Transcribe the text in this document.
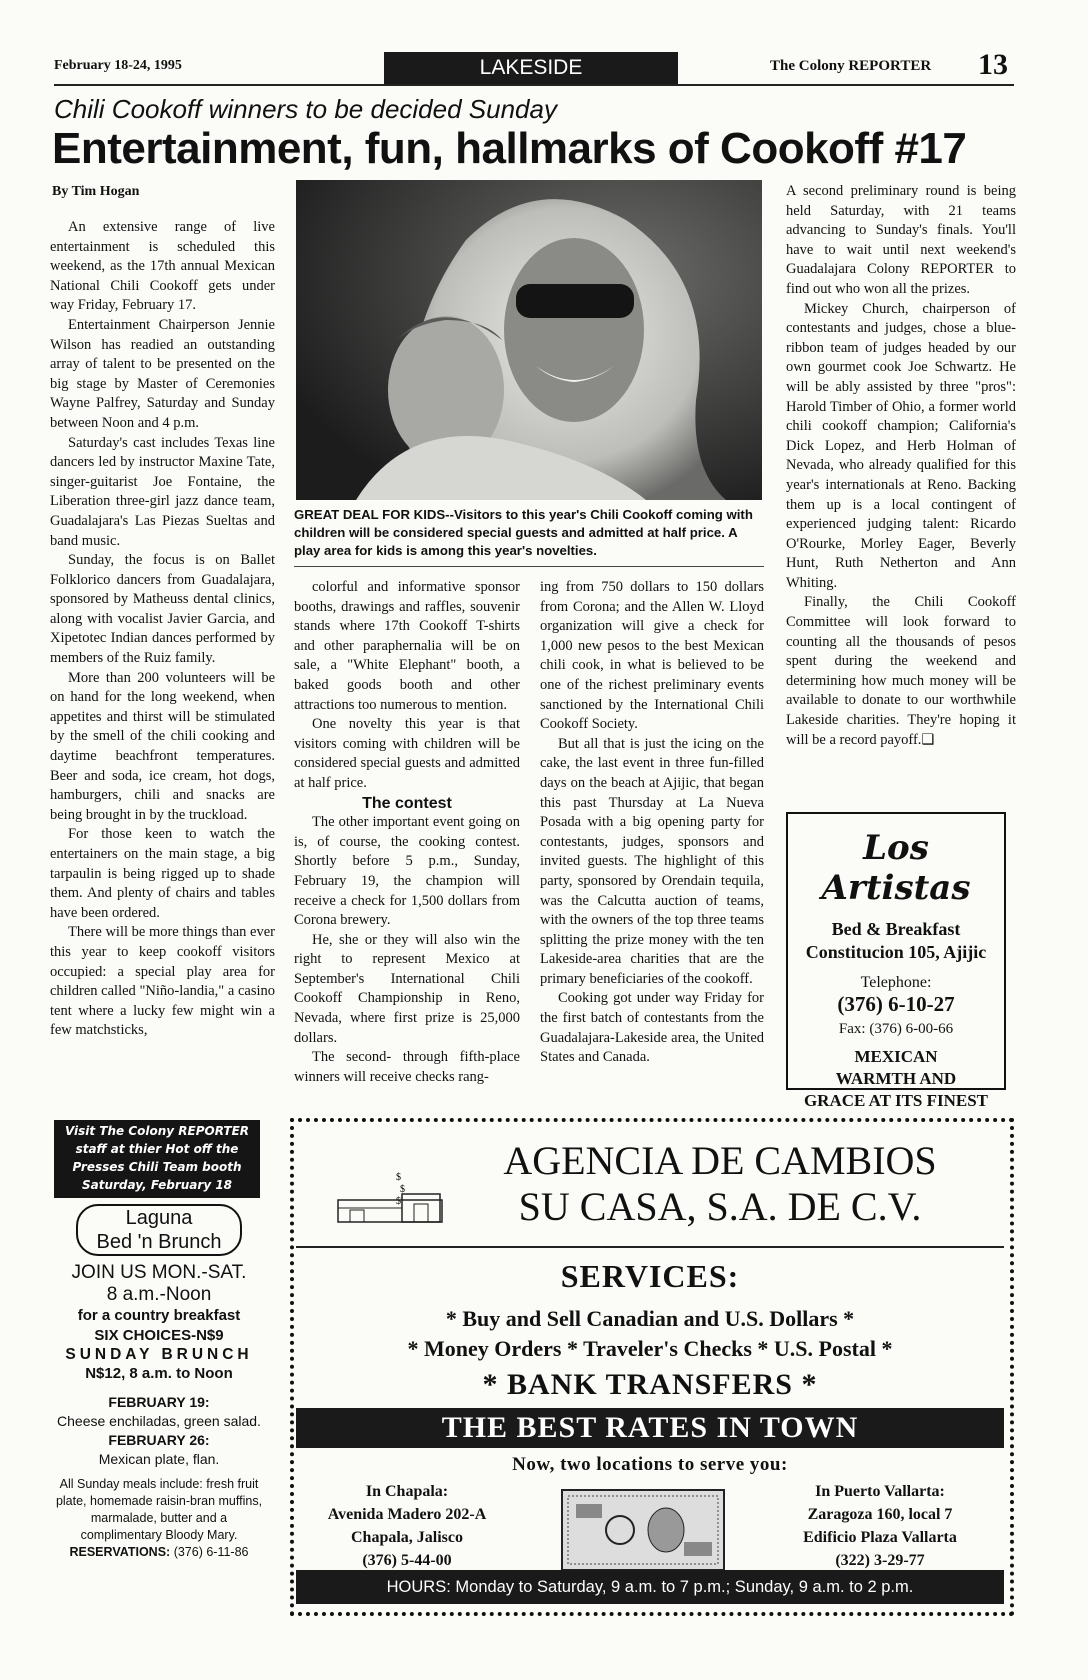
February 18-24, 1995	LAKESIDE	The Colony REPORTER 13
Chili Cookoff winners to be decided Sunday
Entertainment, fun, hallmarks of Cookoff #17
By Tim Hogan

An extensive range of live entertainment is scheduled this weekend, as the 17th annual Mexican National Chili Cookoff gets under way Friday, February 17.

Entertainment Chairperson Jennie Wilson has readied an outstanding array of talent to be presented on the big stage by Master of Ceremonies Wayne Palfrey, Saturday and Sunday between Noon and 4 p.m.

Saturday's cast includes Texas line dancers led by instructor Maxine Tate, singer-guitarist Joe Fontaine, the Liberation three-girl jazz dance team, Guadalajara's Las Piezas Sueltas and band music.

Sunday, the focus is on Ballet Folklorico dancers from Guadalajara, sponsored by Matheuss dental clinics, along with vocalist Javier Garcia, and Xipetotec Indian dances performed by members of the Ruiz family.

More than 200 volunteers will be on hand for the long weekend, when appetites and thirst will be stimulated by the smell of the chili cooking and daytime beachfront temperatures. Beer and soda, ice cream, hot dogs, hamburgers, chili and snacks are being brought in by the truckload.

For those keen to watch the entertainers on the main stage, a big tarpaulin is being rigged up to shade them. And plenty of chairs and tables have been ordered.

There will be more things than ever this year to keep cookoff visitors occupied: a special play area for children called "Niño-landia," a casino tent where a lucky few might win a few matchsticks,

GREAT DEAL FOR KIDS--Visitors to this year's Chili Cookoff coming with children will be considered special guests and admitted at half price. A play area for kids is among this year's novelties.

colorful and informative sponsor booths, drawings and raffles, souvenir stands where 17th Cookoff T-shirts and other paraphernalia will be on sale, a "White Elephant" booth, a baked goods booth and other attractions too numerous to mention.

One novelty this year is that visitors coming with children will be considered special guests and admitted at half price.

The contest

The other important event going on is, of course, the cooking contest. Shortly before 5 p.m., Sunday, February 19, the champion will receive a check for 1,500 dollars from Corona brewery.

He, she or they will also win the right to represent Mexico at September's International Chili Cookoff Championship in Reno, Nevada, where first prize is 25,000 dollars.

The second- through fifth-place winners will receive checks rang-

ing from 750 dollars to 150 dollars from Corona; and the Allen W. Lloyd organization will give a check for 1,000 new pesos to the best Mexican chili cook, in what is believed to be one of the richest preliminary events sanctioned by the International Chili Cookoff Society.

But all that is just the icing on the cake, the last event in three fun-filled days on the beach at Ajijic, that began this past Thursday at La Nueva Posada with a big opening party for contestants, judges, sponsors and invited guests. The highlight of this party, sponsored by Orendain tequila, was the Calcutta auction of teams, with the owners of the top three teams splitting the prize money with the ten Lakeside-area charities that are the primary beneficiaries of the cookoff.

Cooking got under way Friday for the first batch of contestants from the Guadalajara-Lakeside area, the United States and Canada.

A second preliminary round is being held Saturday, with 21 teams advancing to Sunday's finals. You'll have to wait until next weekend's Guadalajara Colony REPORTER to find out who won all the prizes.

Mickey Church, chairperson of contestants and judges, chose a blue-ribbon team of judges headed by our own gourmet cook Joe Schwartz. He will be ably assisted by three "pros": Harold Timber of Ohio, a former world chili cookoff champion; California's Dick Lopez, and Herb Holman of Nevada, who already qualified for this year's internationals at Reno. Backing them up is a local contingent of experienced judging talent: Ricardo O'Rourke, Morley Eager, Beverly Hunt, Ruth Netherton and Ann Whiting.

Finally, the Chili Cookoff Committee will look forward to counting all the thousands of pesos spent during the weekend and determining how much money will be available to donate to our worthwhile Lakeside charities. They're hoping it will be a record payoff.❑

Los Artistas
Bed & Breakfast
Constitucion 105, Ajijic
Telephone:
(376) 6-10-27
Fax: (376) 6-00-66
MEXICAN
WARMTH AND
GRACE AT ITS FINEST
Visit The Colony REPORTER
staff at thier Hot off the
Presses Chili Team booth
Saturday, February 18
Laguna
Bed 'n Brunch
JOIN US MON.-SAT.
8 a.m.-Noon
for a country breakfast
SIX CHOICES-N$9
SUNDAY BRUNCH
N$12, 8 a.m. to Noon
FEBRUARY 19:
Cheese enchiladas, green salad.
FEBRUARY 26:
Mexican plate, flan.
All Sunday meals include: fresh fruit plate, homemade raisin-bran muffins, marmalade, butter and a complimentary Bloody Mary.
RESERVATIONS: (376) 6-11-86
$
$
$
AGENCIA DE CAMBIOS
SU CASA, S.A. DE C.V.
SERVICES:
* Buy and Sell Canadian and U.S. Dollars *
* Money Orders * Traveler's Checks * U.S. Postal *
* BANK TRANSFERS *
THE BEST RATES IN TOWN
Now, two locations to serve you:
In Chapala:
Avenida Madero 202-A
Chapala, Jalisco
(376) 5-44-00
In Puerto Vallarta:
Zaragoza 160, local 7
Edificio Plaza Vallarta
(322) 3-29-77
HOURS: Monday to Saturday, 9 a.m. to 7 p.m.; Sunday, 9 a.m. to 2 p.m.
